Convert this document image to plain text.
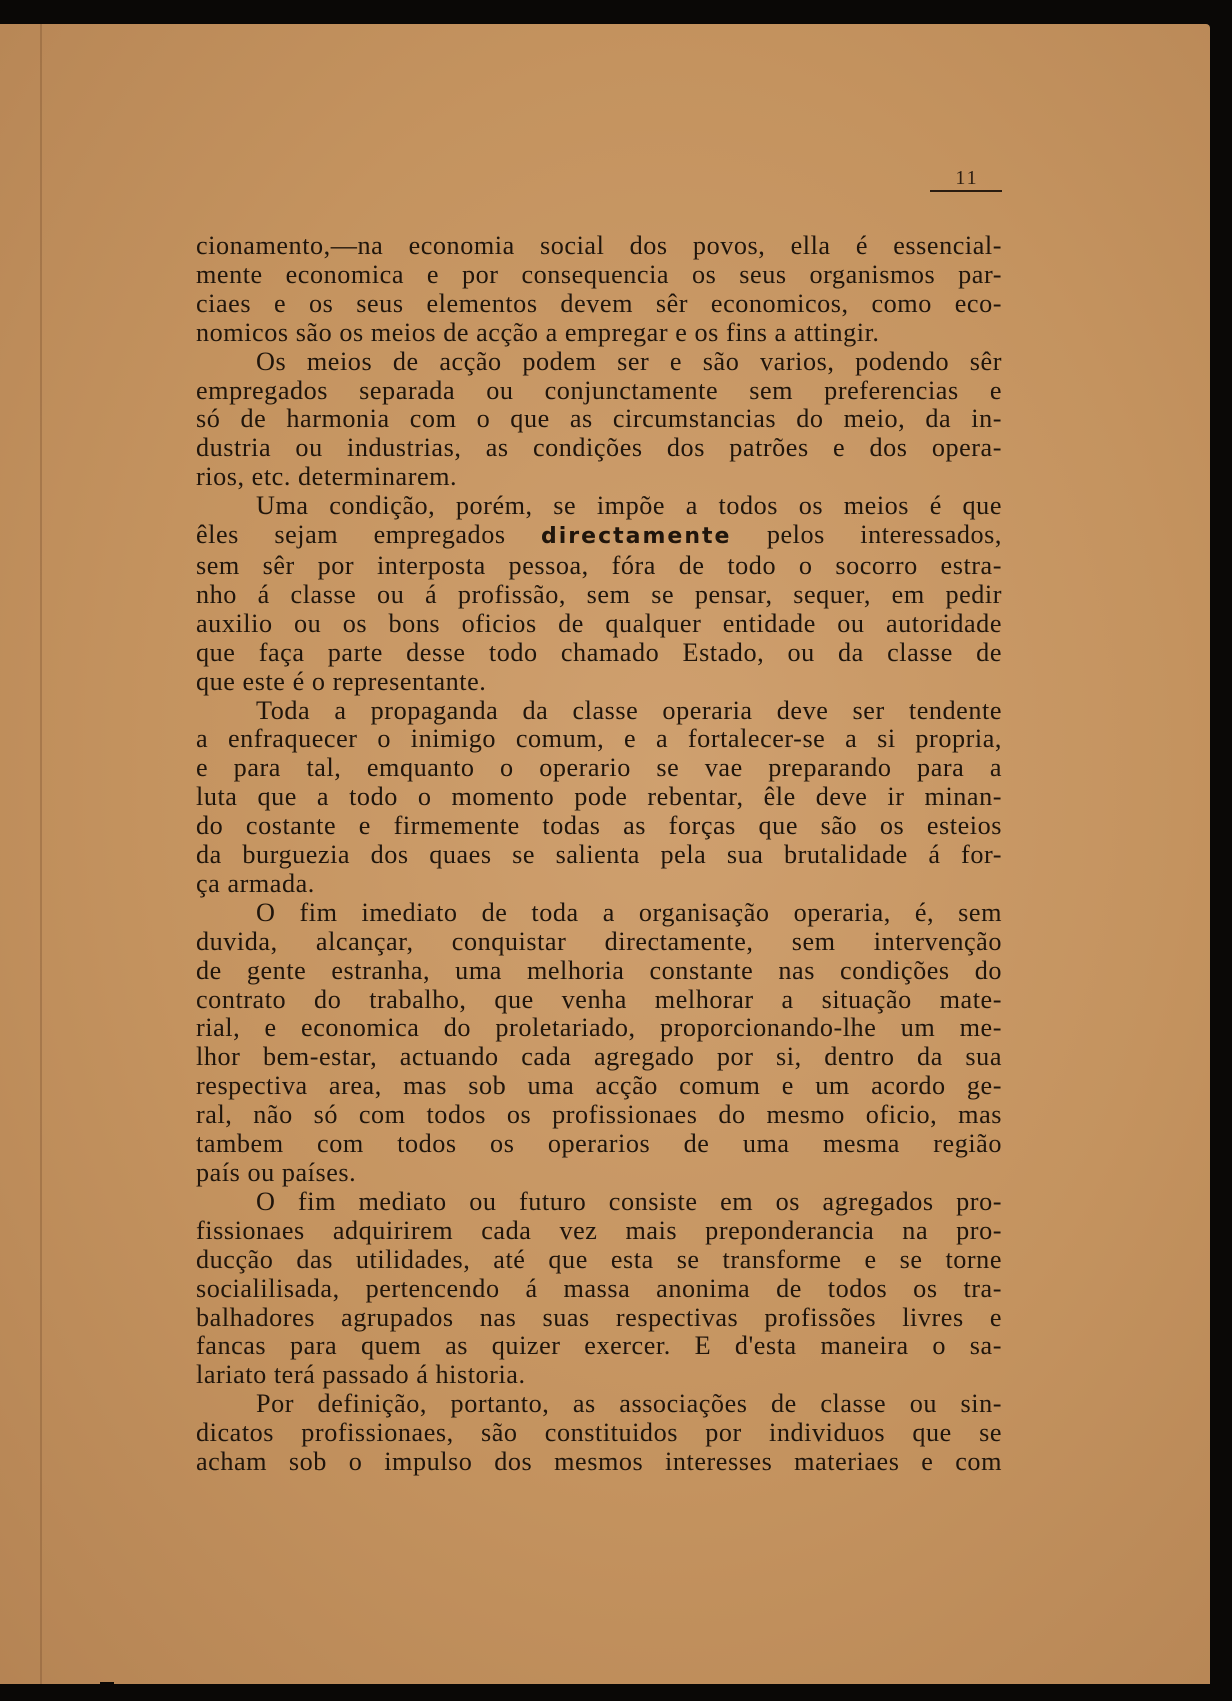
11
cionamento,—na economia social dos povos, ella é essencial-
mente economica e por consequencia os seus organismos par-
ciaes e os seus elementos devem sêr economicos, como eco-
nomicos são os meios de acção a empregar e os fins a attingir.
Os meios de acção podem ser e são varios, podendo sêr
empregados separada ou conjunctamente sem preferencias e
só de harmonia com o que as circumstancias do meio, da in-
dustria ou industrias, as condições dos patrões e dos opera-
rios, etc. determinarem.
Uma condição, porém, se impõe a todos os meios é que
êles sejam empregados directamente pelos interessados,
sem sêr por interposta pessoa, fóra de todo o socorro estra-
nho á classe ou á profissão, sem se pensar, sequer, em pedir
auxilio ou os bons oficios de qualquer entidade ou autoridade
que faça parte desse todo chamado Estado, ou da classe de
que este é o representante.
Toda a propaganda da classe operaria deve ser tendente
a enfraquecer o inimigo comum, e a fortalecer-se a si propria,
e para tal, emquanto o operario se vae preparando para a
luta que a todo o momento pode rebentar, êle deve ir minan-
do costante e firmemente todas as forças que são os esteios
da burguezia dos quaes se salienta pela sua brutalidade á for-
ça armada.
O fim imediato de toda a organisação operaria, é, sem
duvida, alcançar, conquistar directamente, sem intervenção
de gente estranha, uma melhoria constante nas condições do
contrato do trabalho, que venha melhorar a situação mate-
rial, e economica do proletariado, proporcionando-lhe um me-
lhor bem-estar, actuando cada agregado por si, dentro da sua
respectiva area, mas sob uma acção comum e um acordo ge-
ral, não só com todos os profissionaes do mesmo oficio, mas
tambem com todos os operarios de uma mesma região
país ou países.
O fim mediato ou futuro consiste em os agregados pro-
fissionaes adquirirem cada vez mais preponderancia na pro-
ducção das utilidades, até que esta se transforme e se torne
socialilisada, pertencendo á massa anonima de todos os tra-
balhadores agrupados nas suas respectivas profissões livres e
fancas para quem as quizer exercer. E d'esta maneira o sa-
lariato terá passado á historia.
Por definição, portanto, as associações de classe ou sin-
dicatos profissionaes, são constituidos por individuos que se
acham sob o impulso dos mesmos interesses materiaes e com
